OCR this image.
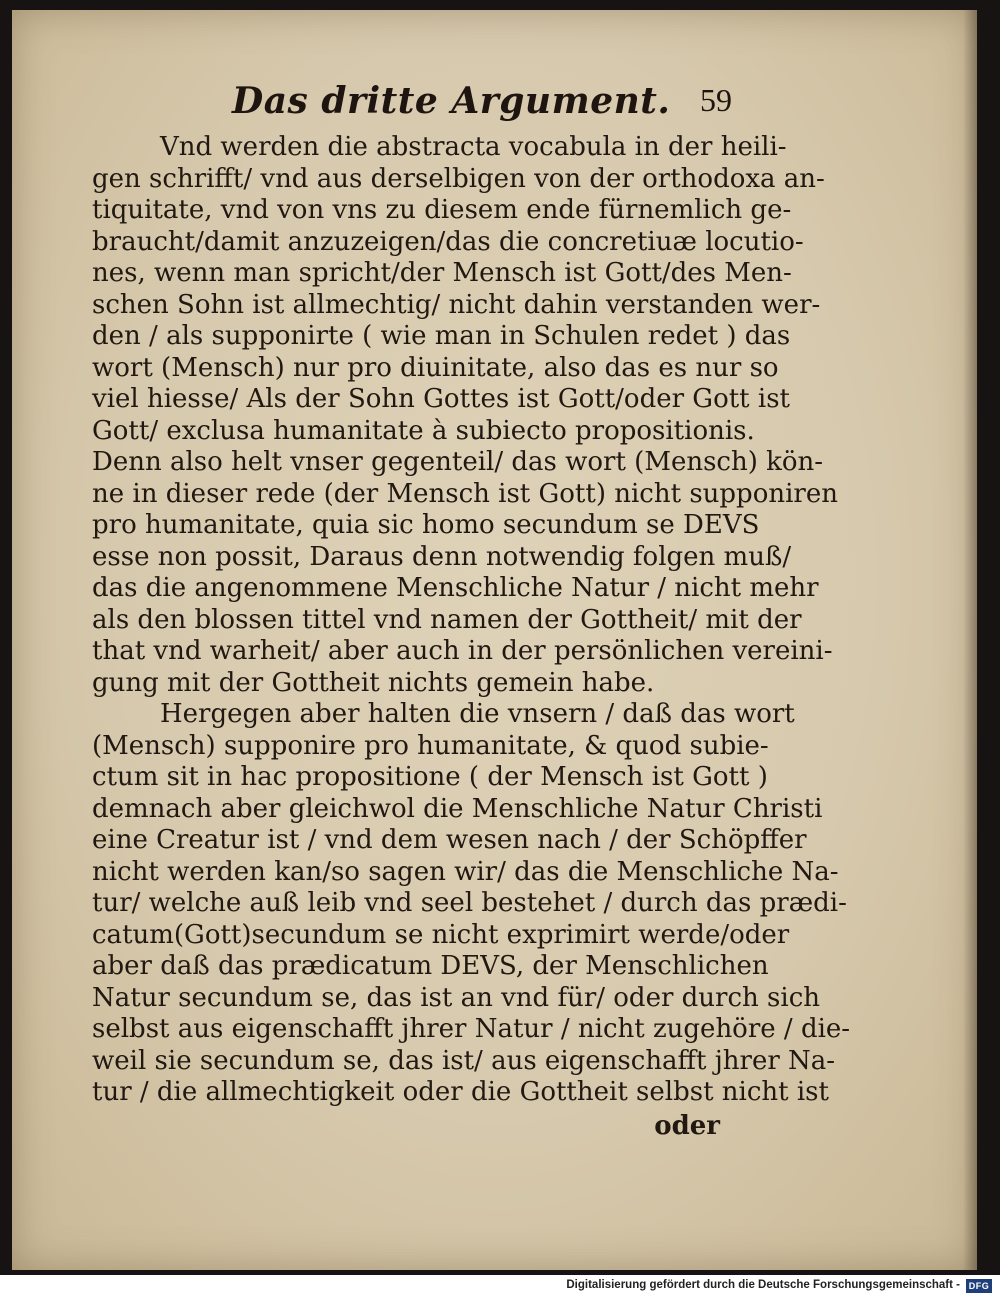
Das dritte Argument. 59

Vnd werden die abstracta vocabula in der heili-
gen schrifft/ vnd aus derselbigen von der orthodoxa an-
tiquitate, vnd von vns zu diesem ende fürnemlich ge-
braucht/damit anzuzeigen/das die concretiuæ locutio-
nes, wenn man spricht/der Mensch ist Gott/des Men-
schen Sohn ist allmechtig/ nicht dahin verstanden wer-
den / als supponirte ( wie man in Schulen redet ) das
wort (Mensch) nur pro diuinitate, also das es nur so
viel hiesse/ Als der Sohn Gottes ist Gott/oder Gott ist
Gott/ exclusa humanitate à subiecto propositionis.
Denn also helt vnser gegenteil/ das wort (Mensch) kön-
ne in dieser rede (der Mensch ist Gott) nicht supponiren
pro humanitate, quia sic homo secundum se DEVS
esse non possit, Daraus denn notwendig folgen muß/
das die angenommene Menschliche Natur / nicht mehr
als den blossen tittel vnd namen der Gottheit/ mit der
that vnd warheit/ aber auch in der persönlichen vereini-
gung mit der Gottheit nichts gemein habe.

Hergegen aber halten die vnsern / daß das wort
(Mensch) supponire pro humanitate, & quod subie-
ctum sit in hac propositione ( der Mensch ist Gott )
demnach aber gleichwol die Menschliche Natur Christi
eine Creatur ist / vnd dem wesen nach / der Schöpffer
nicht werden kan/so sagen wir/ das die Menschliche Na-
tur/ welche auß leib vnd seel bestehet / durch das prædi-
catum(Gott)secundum se nicht exprimirt werde/oder
aber daß das prædicatum DEVS, der Menschlichen
Natur secundum se, das ist an vnd für/ oder durch sich
selbst aus eigenschafft jhrer Natur / nicht zugehöre / die-
weil sie secundum se, das ist/ aus eigenschafft jhrer Na-
tur / die allmechtigkeit oder die Gottheit selbst nicht ist

oder
Digitalisierung gefördert durch die Deutsche Forschungsgemeinschaft - DFG
